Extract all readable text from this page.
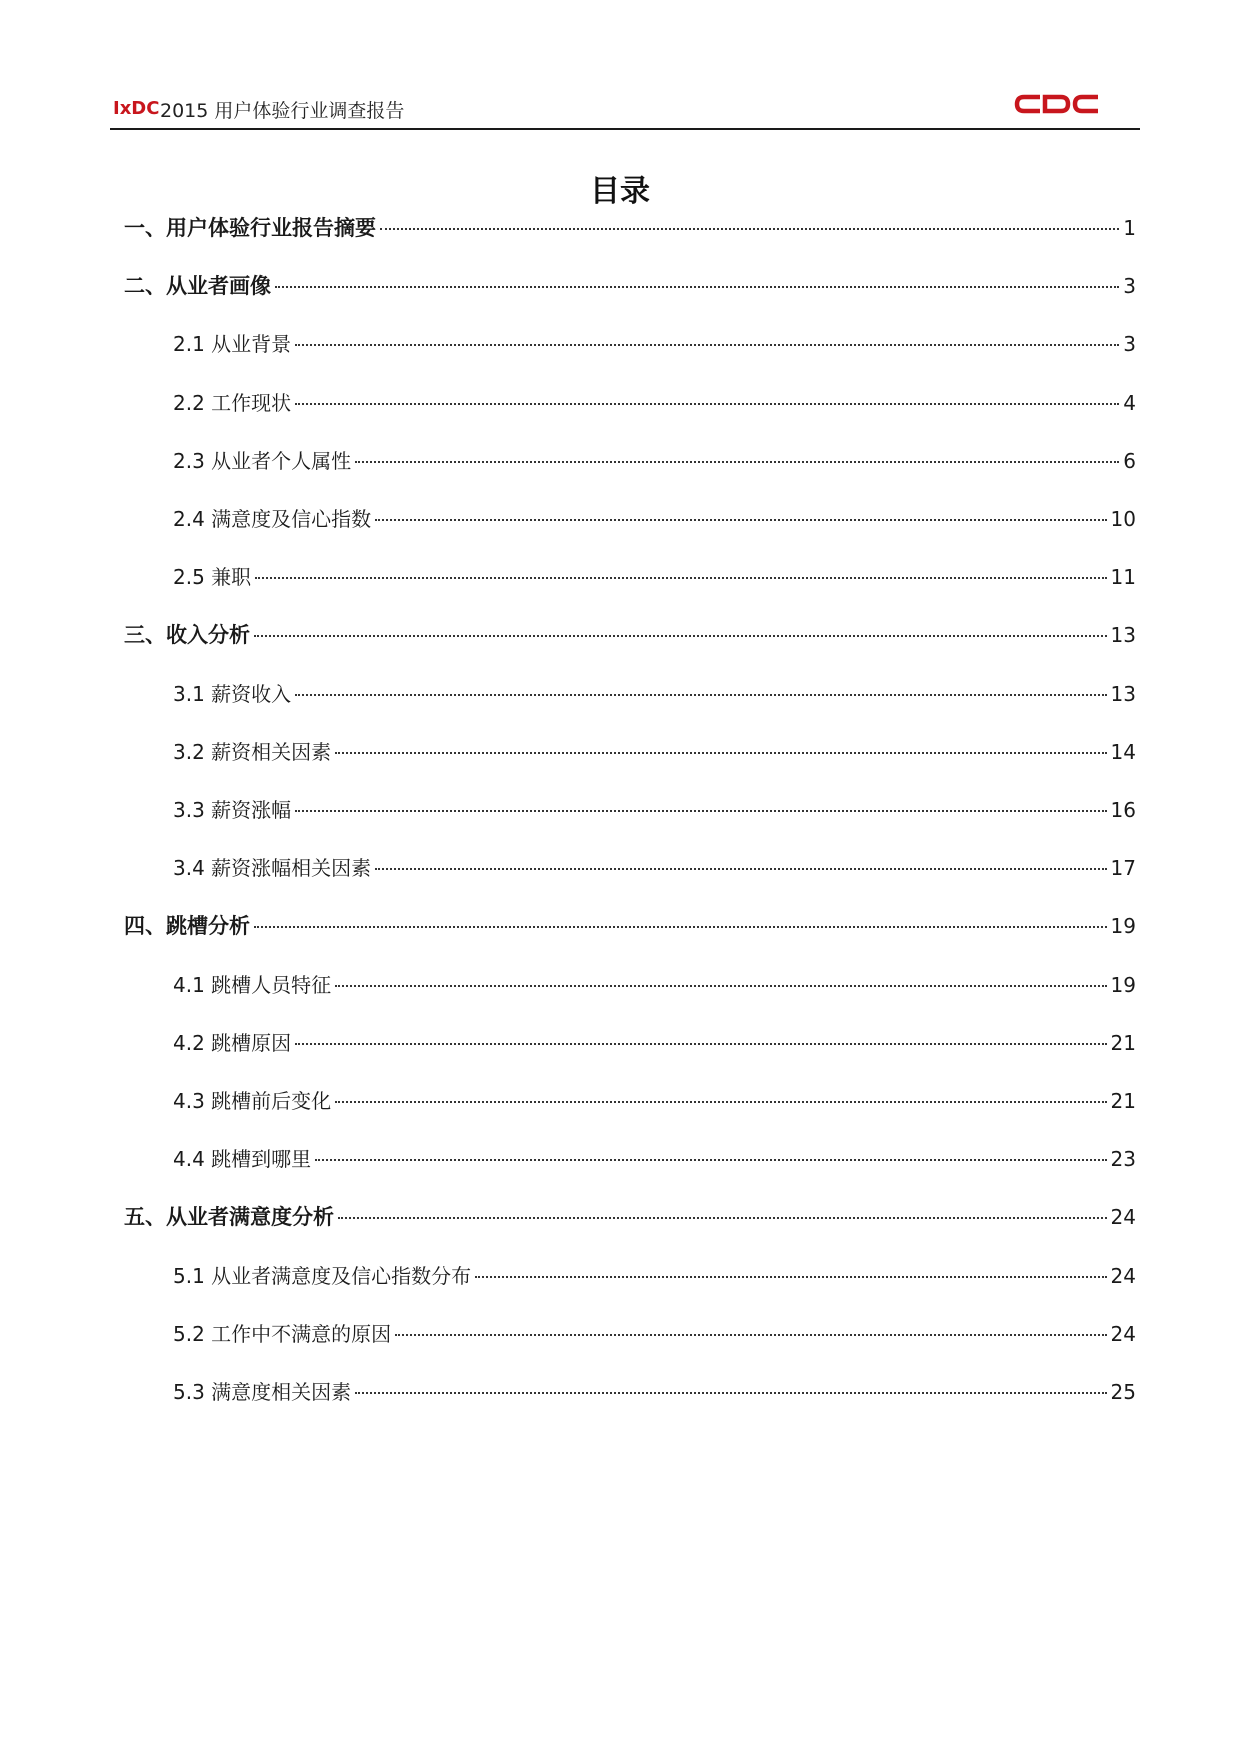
IxDC 2015 用户体验行业调查报告
目录
一、用户体验行业报告摘要	1
二、从业者画像	3
2.1 从业背景	3
2.2 工作现状	4
2.3 从业者个人属性	6
2.4 满意度及信心指数	10
2.5 兼职	11
三、收入分析	13
3.1 薪资收入	13
3.2 薪资相关因素	14
3.3 薪资涨幅	16
3.4 薪资涨幅相关因素	17
四、跳槽分析	19
4.1 跳槽人员特征	19
4.2 跳槽原因	21
4.3 跳槽前后变化	21
4.4 跳槽到哪里	23
五、从业者满意度分析	24
5.1 从业者满意度及信心指数分布	24
5.2 工作中不满意的原因	24
5.3 满意度相关因素	25
